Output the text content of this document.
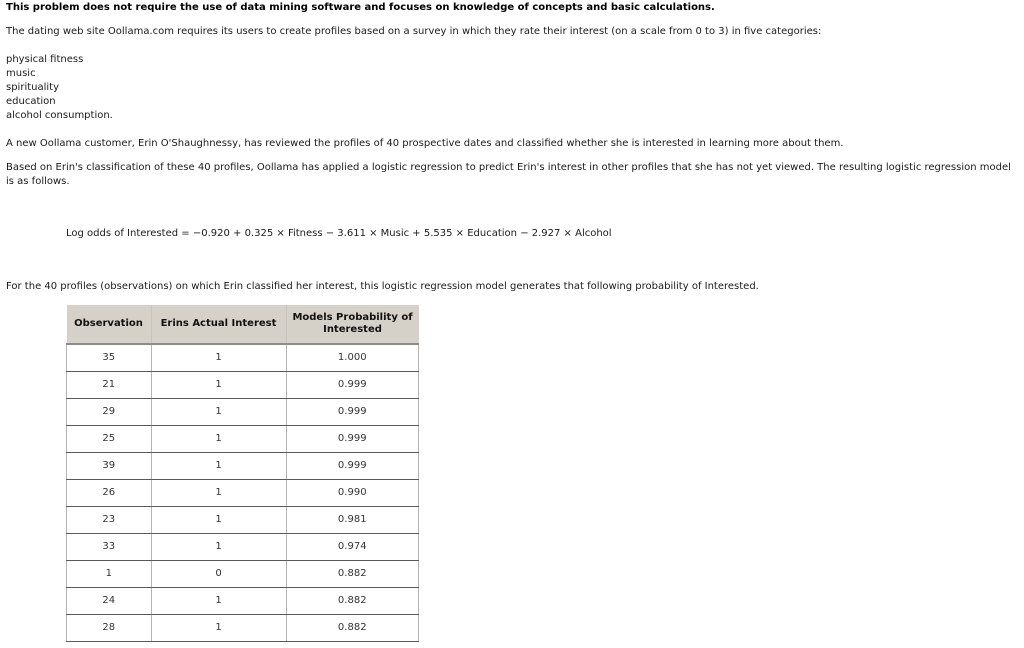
This problem does not require the use of data mining software and focuses on knowledge of concepts and basic calculations.
The dating web site Oollama.com requires its users to create profiles based on a survey in which they rate their interest (on a scale from 0 to 3) in five categories:
physical fitness
music
spirituality
education
alcohol consumption.
A new Oollama customer, Erin O'Shaughnessy, has reviewed the profiles of 40 prospective dates and classified whether she is interested in learning more about them.
Based on Erin's classification of these 40 profiles, Oollama has applied a logistic regression to predict Erin's interest in other profiles that she has not yet viewed. The resulting logistic regression model is as follows.
Log odds of Interested = −0.920 + 0.325 × Fitness − 3.611 × Music + 5.535 × Education − 2.927 × Alcohol
For the 40 profiles (observations) on which Erin classified her interest, this logistic regression model generates that following probability of Interested.
Observation	Erins Actual Interest	Models Probability of Interested
35	1	1.000
21	1	0.999
29	1	0.999
25	1	0.999
39	1	0.999
26	1	0.990
23	1	0.981
33	1	0.974
1	0	0.882
24	1	0.882
28	1	0.882
